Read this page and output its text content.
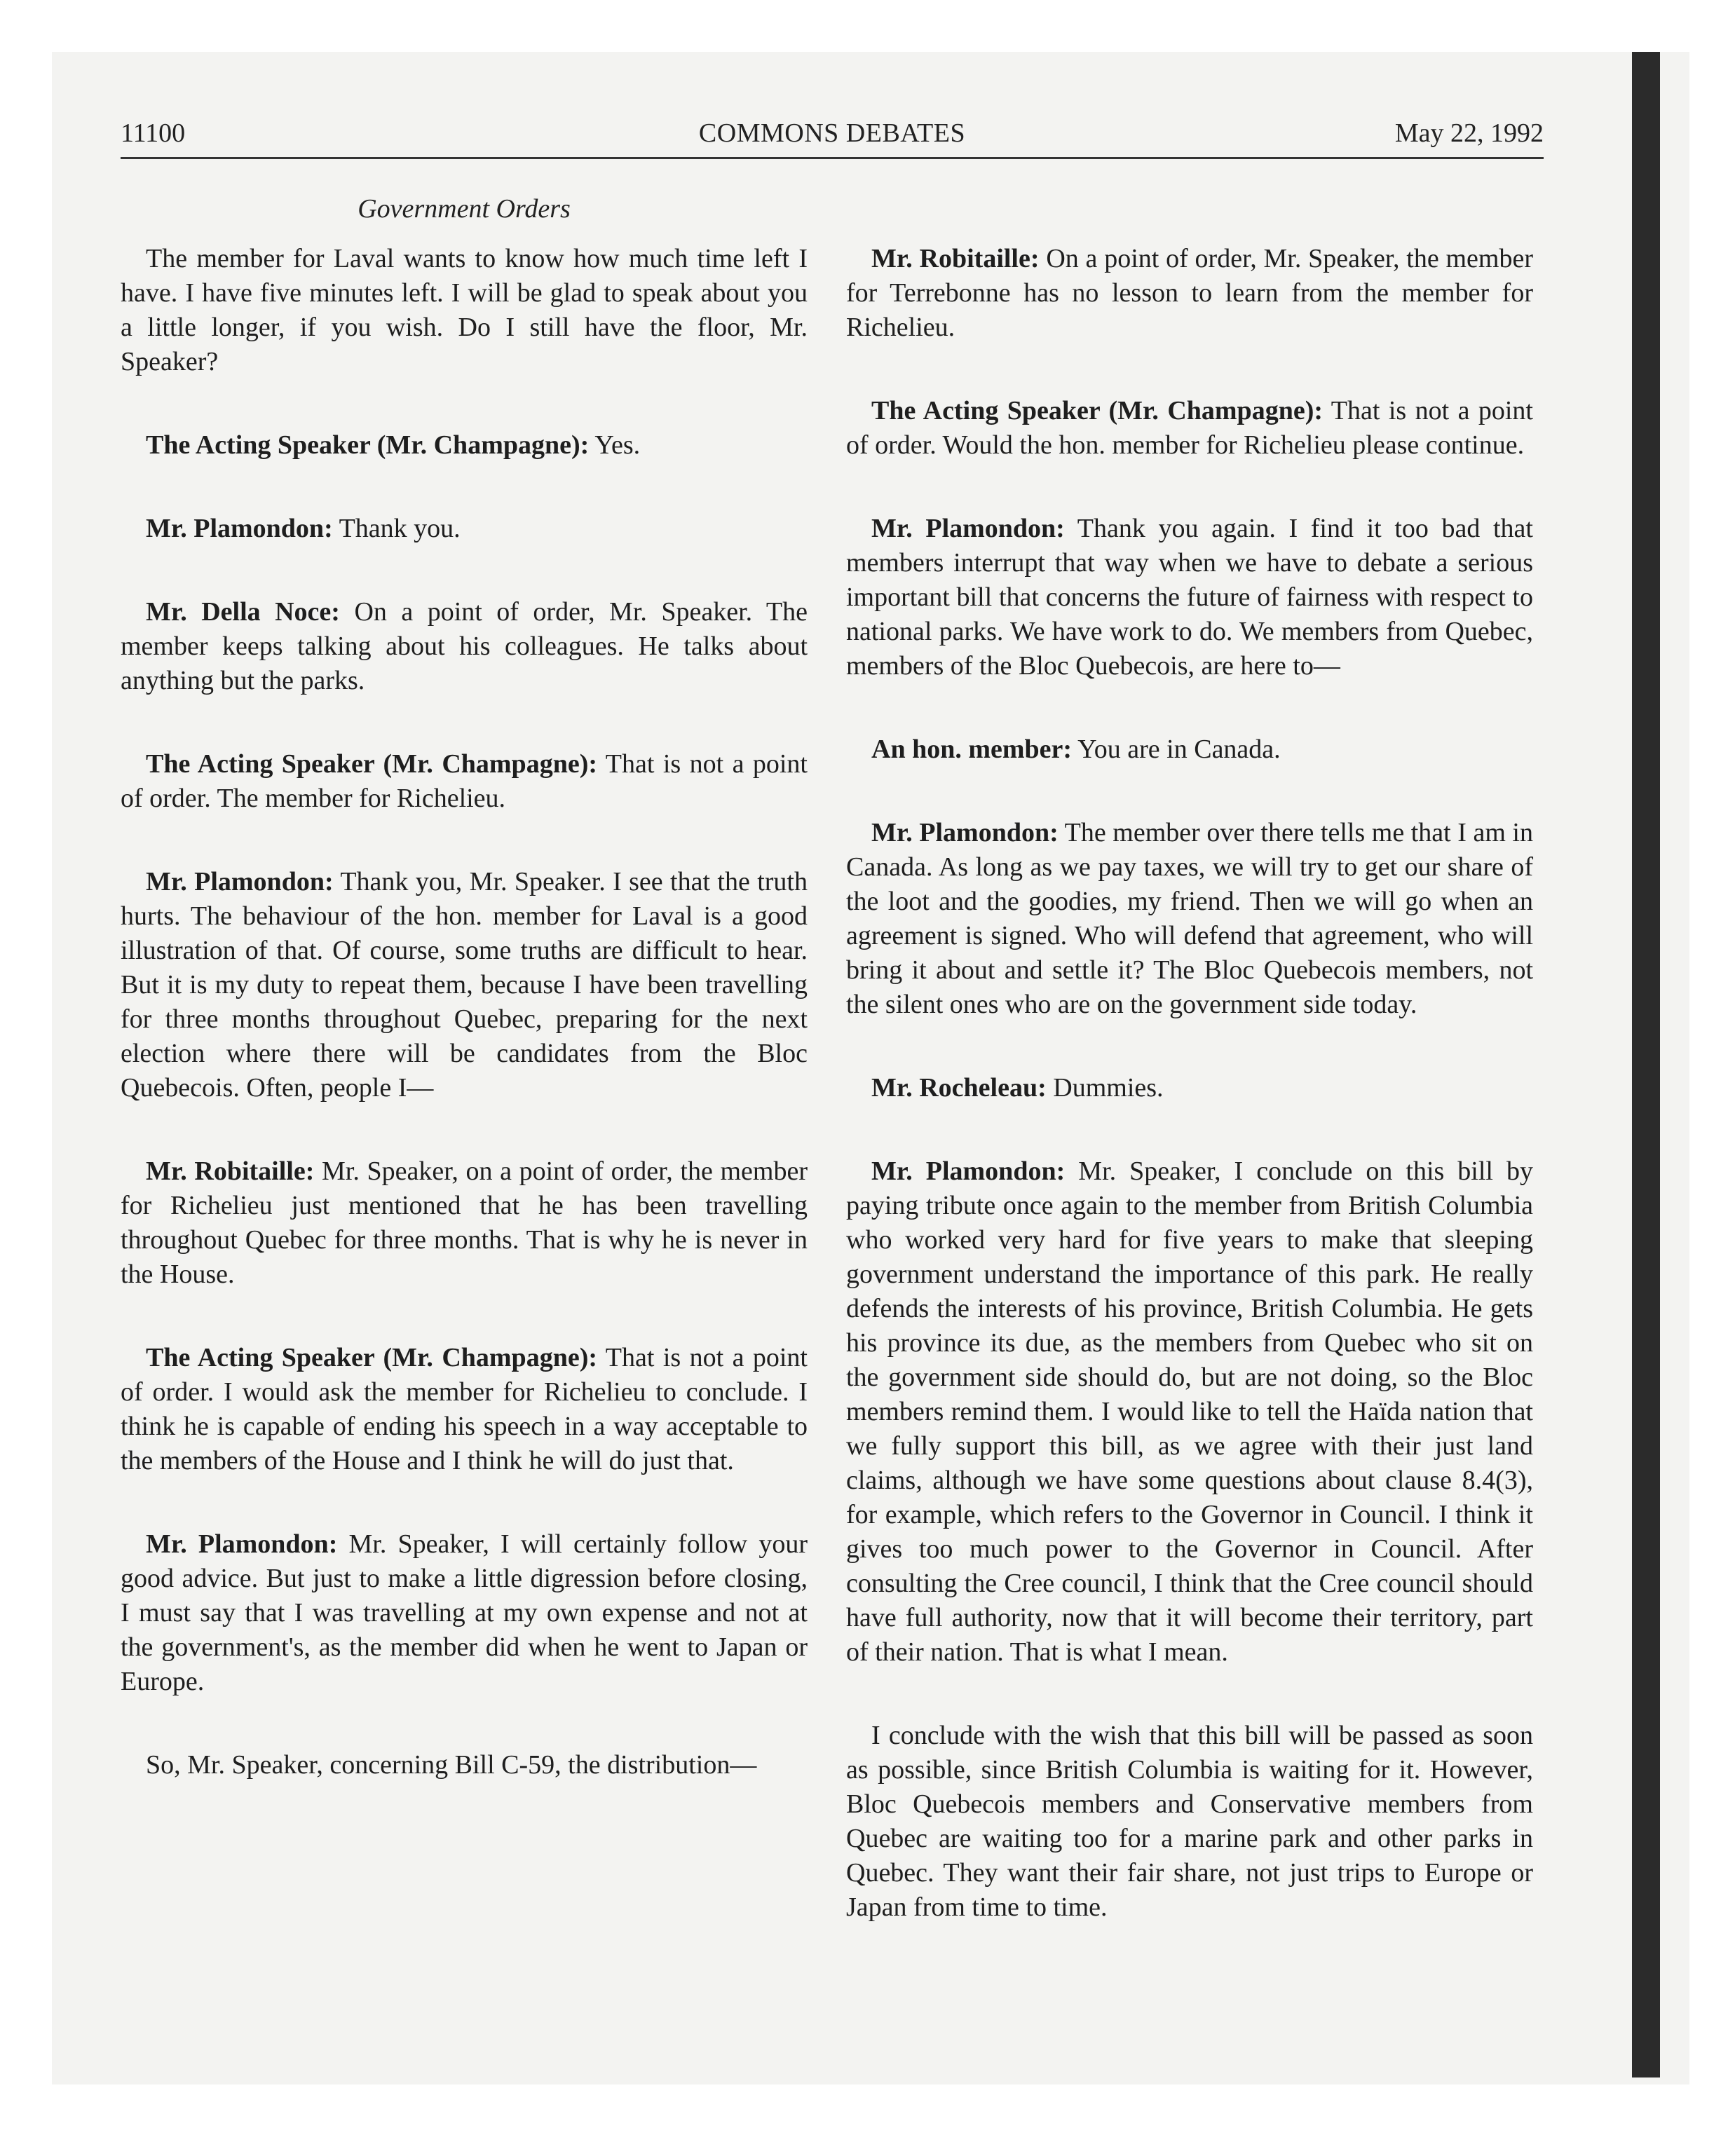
11100	COMMONS DEBATES	May 22, 1992
Government Orders

The member for Laval wants to know how much time left I have. I have five minutes left. I will be glad to speak about you a little longer, if you wish. Do I still have the floor, Mr. Speaker?

The Acting Speaker (Mr. Champagne): Yes.

Mr. Plamondon: Thank you.

Mr. Della Noce: On a point of order, Mr. Speaker. The member keeps talking about his colleagues. He talks about anything but the parks.

The Acting Speaker (Mr. Champagne): That is not a point of order. The member for Richelieu.

Mr. Plamondon: Thank you, Mr. Speaker. I see that the truth hurts. The behaviour of the hon. member for Laval is a good illustration of that. Of course, some truths are difficult to hear. But it is my duty to repeat them, because I have been travelling for three months throughout Quebec, preparing for the next election where there will be candidates from the Bloc Quebecois. Often, people I—

Mr. Robitaille: Mr. Speaker, on a point of order, the member for Richelieu just mentioned that he has been travelling throughout Quebec for three months. That is why he is never in the House.

The Acting Speaker (Mr. Champagne): That is not a point of order. I would ask the member for Richelieu to conclude. I think he is capable of ending his speech in a way acceptable to the members of the House and I think he will do just that.

Mr. Plamondon: Mr. Speaker, I will certainly follow your good advice. But just to make a little digression before closing, I must say that I was travelling at my own expense and not at the government's, as the member did when he went to Japan or Europe.

So, Mr. Speaker, concerning Bill C-59, the distribution—

Mr. Robitaille: On a point of order, Mr. Speaker, the member for Terrebonne has no lesson to learn from the member for Richelieu.

The Acting Speaker (Mr. Champagne): That is not a point of order. Would the hon. member for Richelieu please continue.

Mr. Plamondon: Thank you again. I find it too bad that members interrupt that way when we have to debate a serious important bill that concerns the future of fairness with respect to national parks. We have work to do. We members from Quebec, members of the Bloc Quebecois, are here to—

An hon. member: You are in Canada.

Mr. Plamondon: The member over there tells me that I am in Canada. As long as we pay taxes, we will try to get our share of the loot and the goodies, my friend. Then we will go when an agreement is signed. Who will defend that agreement, who will bring it about and settle it? The Bloc Quebecois members, not the silent ones who are on the government side today.

Mr. Rocheleau: Dummies.

Mr. Plamondon: Mr. Speaker, I conclude on this bill by paying tribute once again to the member from British Columbia who worked very hard for five years to make that sleeping government understand the importance of this park. He really defends the interests of his province, British Columbia. He gets his province its due, as the members from Quebec who sit on the government side should do, but are not doing, so the Bloc members remind them. I would like to tell the Haïda nation that we fully support this bill, as we agree with their just land claims, although we have some questions about clause 8.4(3), for example, which refers to the Governor in Council. I think it gives too much power to the Governor in Council. After consulting the Cree council, I think that the Cree council should have full authority, now that it will become their territory, part of their nation. That is what I mean.

I conclude with the wish that this bill will be passed as soon as possible, since British Columbia is waiting for it. However, Bloc Quebecois members and Conservative members from Quebec are waiting too for a marine park and other parks in Quebec. They want their fair share, not just trips to Europe or Japan from time to time.
